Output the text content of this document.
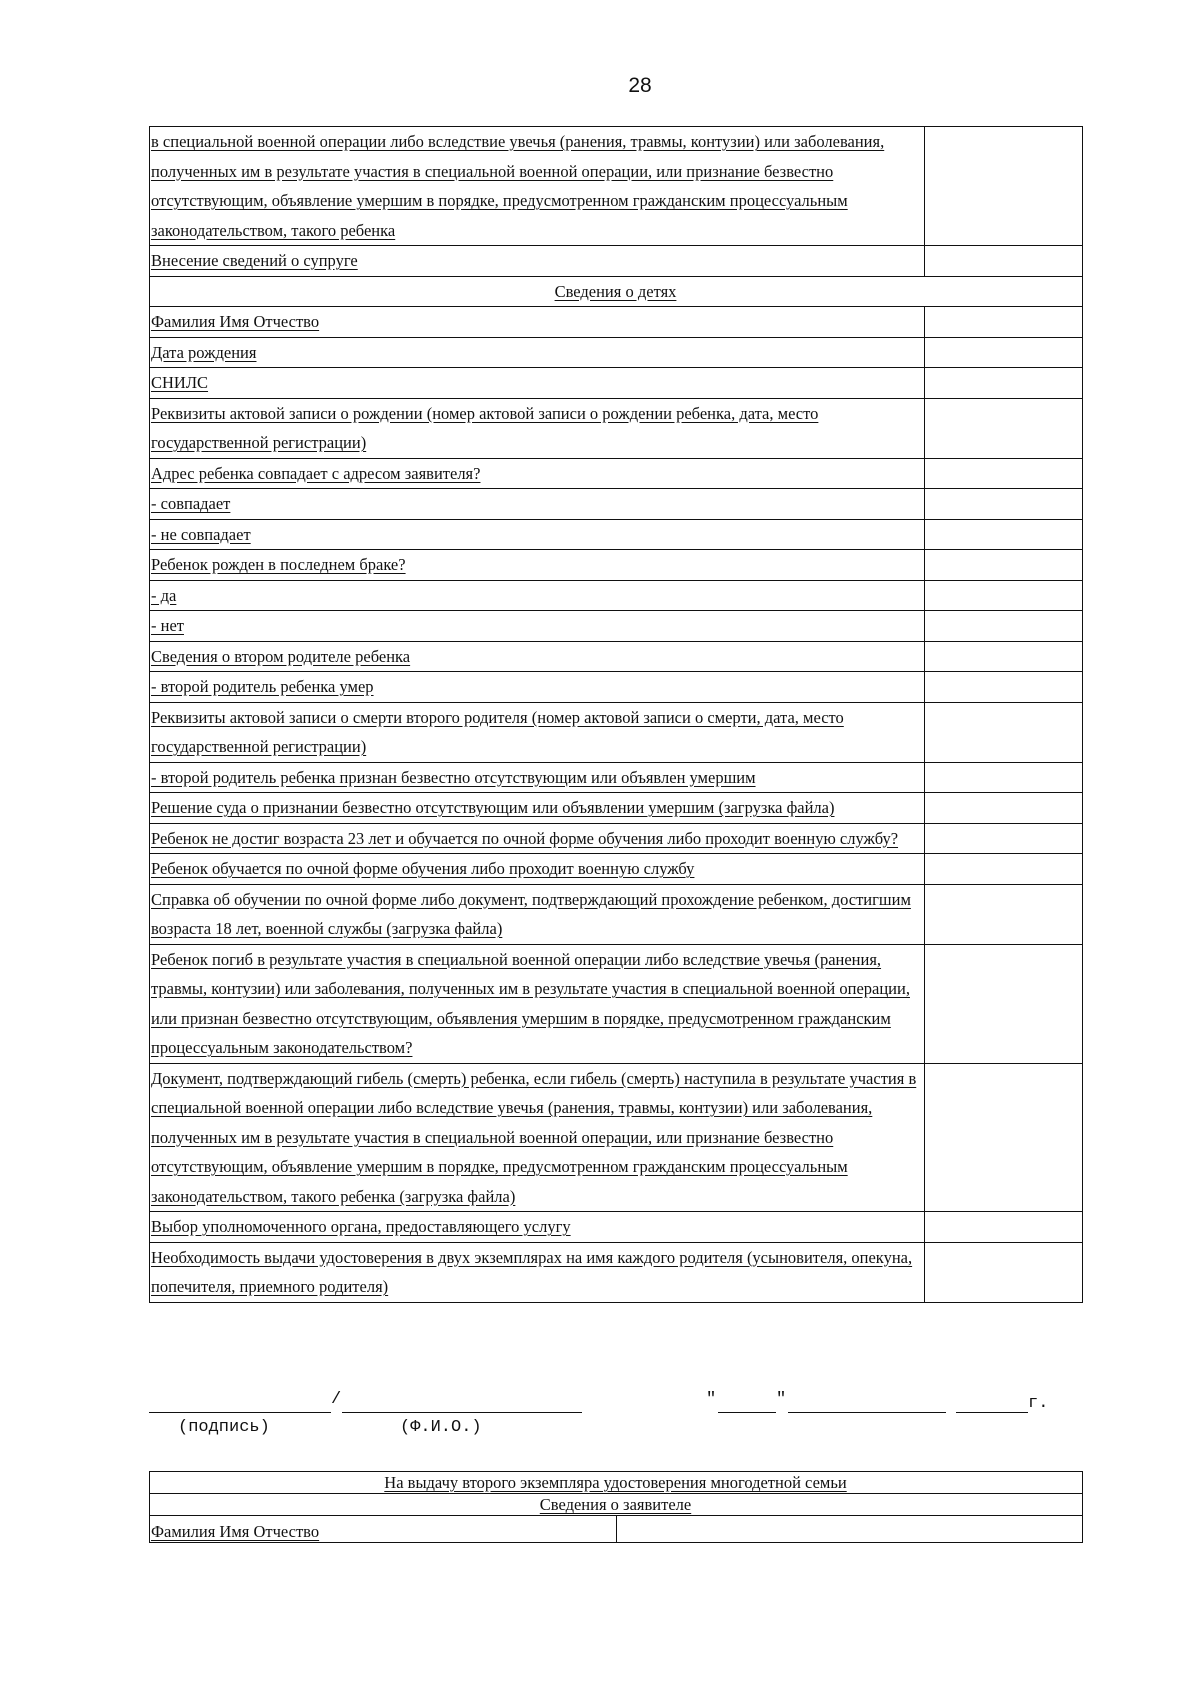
28
в специальной военной операции либо вследствие увечья (ранения, травмы, контузии) или заболевания, полученных им в результате участия в специальной военной операции, или признание безвестно отсутствующим, объявление умершим в порядке, предусмотренном гражданским процессуальным законодательством, такого ребенка	
Внесение сведений о супруге	
Сведения о детях	
Фамилия Имя Отчество	
Дата рождения	
СНИЛС	
Реквизиты актовой записи о рождении (номер актовой записи о рождении ребенка, дата, место государственной регистрации)	
Адрес ребенка совпадает с адресом заявителя?	
- совпадает	
- не совпадает	
Ребенок рожден в последнем браке?	
- да	
- нет	
Сведения о втором родителе ребенка	
- второй родитель ребенка умер	
Реквизиты актовой записи о смерти второго родителя (номер актовой записи о смерти, дата, место государственной регистрации)	
- второй родитель ребенка признан безвестно отсутствующим или объявлен умершим	
Решение суда о признании безвестно отсутствующим или объявлении умершим (загрузка файла)	
Ребенок не достиг возраста 23 лет и обучается по очной форме обучения либо проходит военную службу?	
Ребенок обучается по очной форме обучения либо проходит военную службу	
Справка об обучении по очной форме либо документ, подтверждающий прохождение ребенком, достигшим возраста 18 лет, военной службы (загрузка файла)	
Ребенок погиб в результате участия в специальной военной операции либо вследствие увечья (ранения, травмы, контузии) или заболевания, полученных им в результате участия в специальной военной операции, или признан безвестно отсутствующим, объявления умершим в порядке, предусмотренном гражданским процессуальным законодательством?	
Документ, подтверждающий гибель (смерть) ребенка, если гибель (смерть) наступила в результате участия в специальной военной операции либо вследствие увечья (ранения, травмы, контузии) или заболевания, полученных им в результате участия в специальной военной операции, или признание безвестно отсутствующим, объявление умершим в порядке, предусмотренном гражданским процессуальным законодательством, такого ребенка (загрузка файла)	
Выбор уполномоченного органа, предоставляющего услугу	
Необходимость выдачи удостоверения в двух экземплярах на имя каждого родителя (усыновителя, опекуна, попечителя, приемного родителя)	
/
(подпись)	(Ф.И.О.)
"	"	г.
На выдачу второго экземпляра удостоверения многодетной семьи
Сведения о заявителе
Фамилия Имя Отчество	
